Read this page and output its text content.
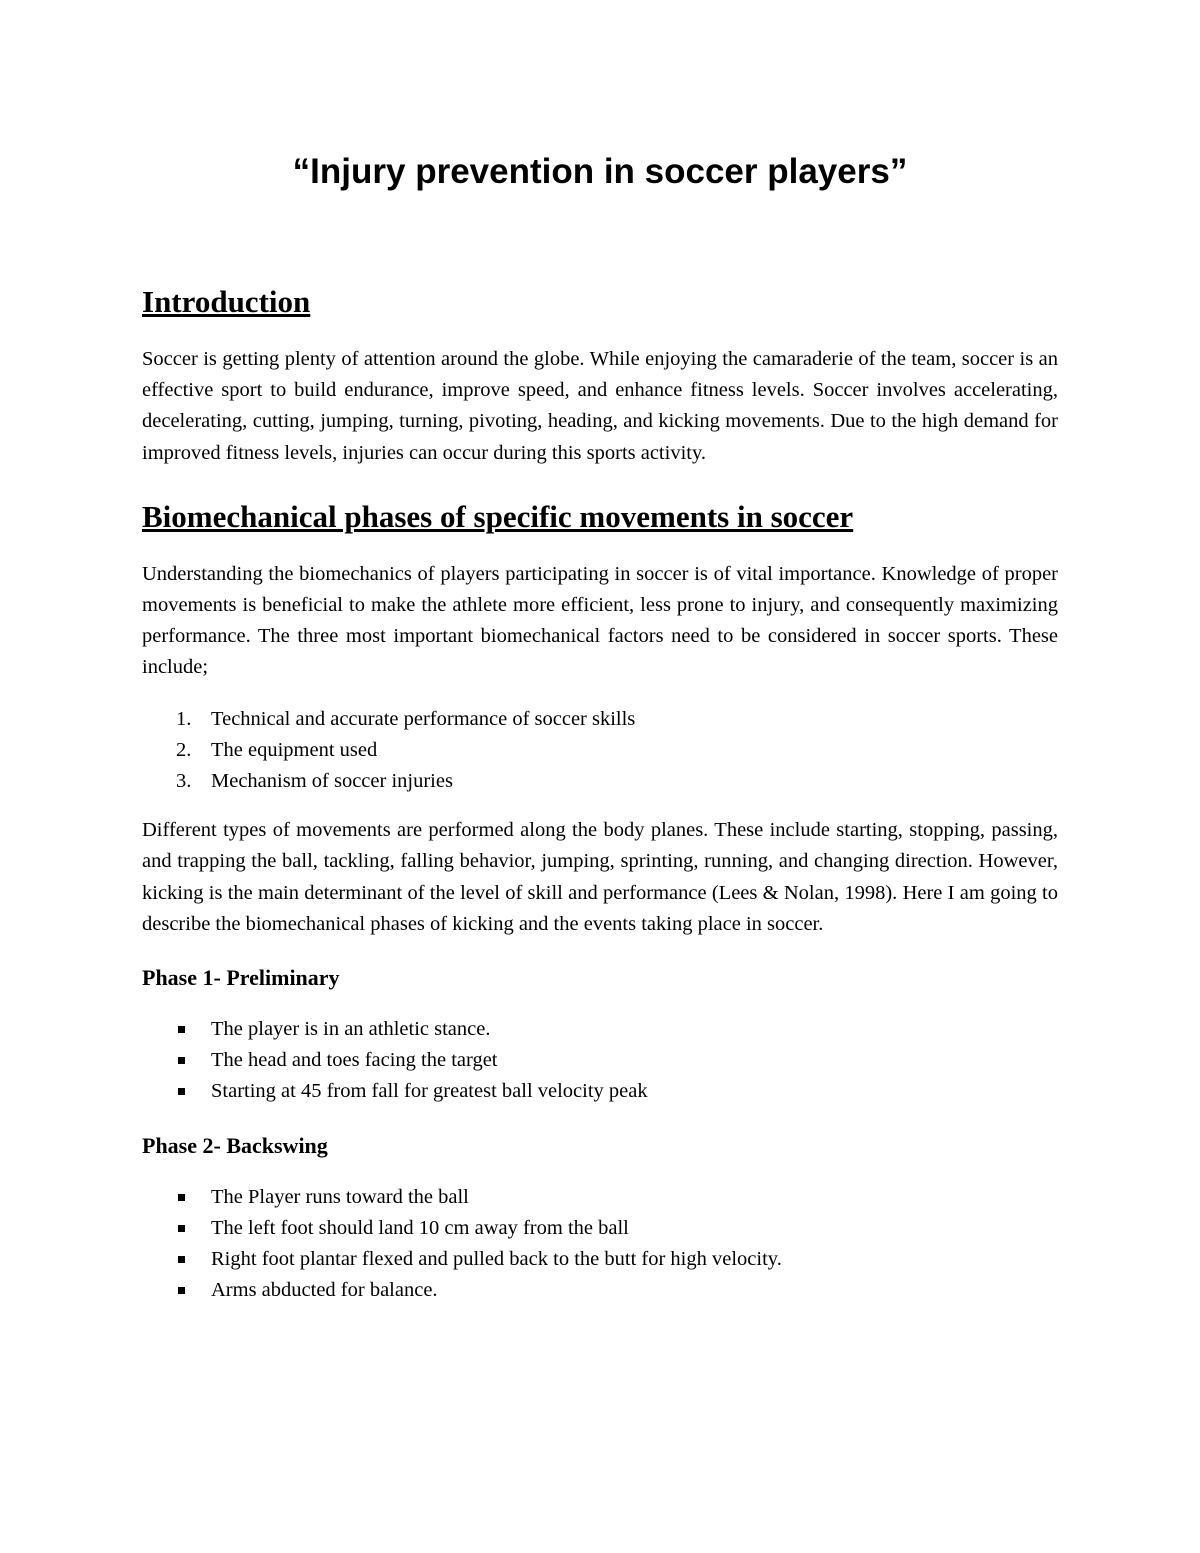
“Injury prevention in soccer players”
Introduction

Soccer is getting plenty of attention around the globe. While enjoying the camaraderie of the team, soccer is an effective sport to build endurance, improve speed, and enhance fitness levels. Soccer involves accelerating, decelerating, cutting, jumping, turning, pivoting, heading, and kicking movements. Due to the high demand for improved fitness levels, injuries can occur during this sports activity.

Biomechanical phases of specific movements in soccer

Understanding the biomechanics of players participating in soccer is of vital importance. Knowledge of proper movements is beneficial to make the athlete more efficient, less prone to injury, and consequently maximizing performance. The three most important biomechanical factors need to be considered in soccer sports. These include;

1. Technical and accurate performance of soccer skills
2. The equipment used
3. Mechanism of soccer injuries

Different types of movements are performed along the body planes. These include starting, stopping, passing, and trapping the ball, tackling, falling behavior, jumping, sprinting, running, and changing direction. However, kicking is the main determinant of the level of skill and performance (Lees & Nolan, 1998). Here I am going to describe the biomechanical phases of kicking and the events taking place in soccer.

Phase 1- Preliminary
The player is in an athletic stance.
The head and toes facing the target
Starting at 45 from fall for greatest ball velocity peak
Phase 2- Backswing
The Player runs toward the ball
The left foot should land 10 cm away from the ball
Right foot plantar flexed and pulled back to the butt for high velocity.
Arms abducted for balance.
